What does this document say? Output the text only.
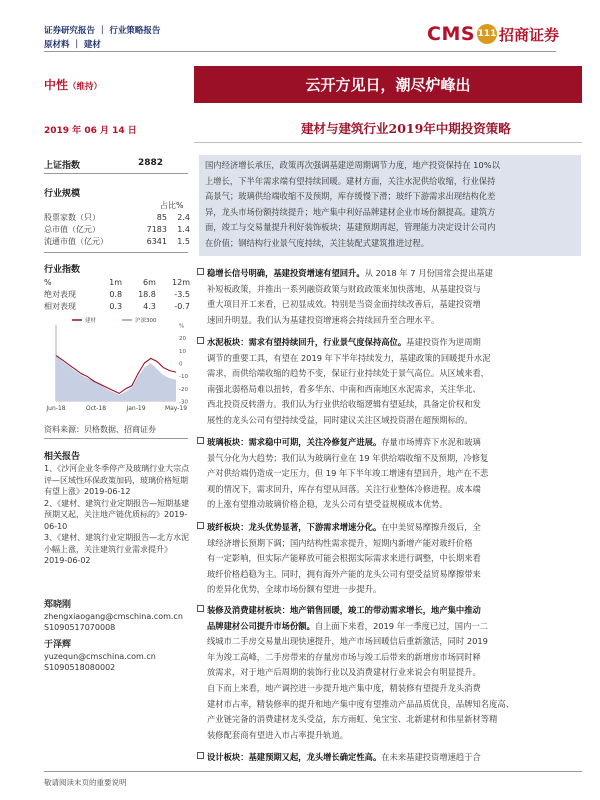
证券研究报告 ｜ 行业策略报告
原材料 ｜ 建材	CMS 111 招商证券
中性（维持）	云开方见日，潮尽炉峰出
2019 年 06 月 14 日	建材与建筑行业2019年中期投资策略
上证指数	2882
行业规模
占比%
股票家数（只）	85	2.4
总市值（亿元）	7183	1.4
流通市值（亿元）	6341	1.5
行业指数
%	1m	6m	12m
绝对表现	0.8	18.8	-3.5
相对表现	0.3	4.3	-0.7
%
20
10
0
-10
-20
-30
Jun-18	Oct-18	Jan-19	May-19
建材	沪深300
资料来源：贝格数据、招商证券
相关报告
1、《沙河企业冬季停产及玻璃行业大宗点评—区域性环保政策加码，玻璃价格短期有望上涨》2019-06-12
2、《建材、建筑行业定期报告—短期基建预期又起，关注地产链优质标的》2019-06-10
3、《建材、建筑行业定期报告—北方水泥小幅上涨，关注建筑行业需求提升》2019-06-02
郑晓刚
zhengxiaogang@cmschina.com.cn
S1090517070008
于泽辉
yuzequn@cmschina.com.cn
S1090518080002
国内经济增长承压，政策再次强调基建逆周期调节力度，地产投资保持在 10%以
上增长，下半年需求端有望持续回暖。建材方面，关注水泥供给收缩，行业保持
高景气；玻璃供给端收缩不及预期，库存缓慢下滑；玻纤下游需求出现结构化差
异，龙头市场份额持续提升；地产集中利好品牌建材企业市场份额提高。建筑方
面，竣工与交易量提升利好装饰板块；基建预期再起，管理能力决定设计公司内
在价值；钢结构行业景气度持续，关注装配式建筑推进过程。
稳增长信号明确，基建投资增速有望回升。从 2018 年 7 月份国常会提出基建
补短板政策，并推出一系列融资政策与财政政策来加快落地，从基建投资与
重大项目开工来看，已初显成效。特别是当资金面持续改善后，基建投资增
速回升明显。我们认为基建投资增速将会持续回升至合理水平。
水泥板块：需求有望持续回升，行业景气度保持高位。基建投资作为逆周期
调节的重要工具，有望在 2019 年下半年持续发力，基建政策的回暖提升水泥
需求，而供给端收缩的趋势不变，保证行业持续处于景气高位。从区域来看，
南强北弱格局难以扭转，看多华东、中南和西南地区水泥需求，关注华北、
西北投资反转潜力。我们认为行业供给收缩逻辑有望延续，具备定价权和发
展性的龙头公司有望持续受益，同时建议关注区域投资潜在超预期标的。
玻璃板块：需求稳中可期，关注冷修复产进展。存量市场博弈下水泥和玻璃
景气分化为大趋势；我们认为玻璃行业在 19 年供给端收缩不及预期，冷修复
产对供给端仍造成一定压力，但 19 年下半年竣工增速有望回升，地产在不悲
观的情况下，需求回升，库存有望从回落。关注行业整体冷修进程。成本端
的上涨有望推动玻璃价格企稳，龙头公司有望受益规模成本优势。
玻纤板块：龙头优势显著，下游需求增速分化。在中美贸易摩擦升级后，全
球经济增长预期下调；国内结构性需求提升，短期内新增产能对玻纤价格
有一定影响，但实际产能释放可能会根据实际需求来进行调整，中长期来看
玻纤价格趋稳为主。同时，拥有海外产能的龙头公司有望受益贸易摩擦带来
的差异化优势，全球市场份额有望进一步提升。
装修及消费建材板块：地产销售回暖，竣工的带动需求增长，地产集中推动
品牌建材公司提升市场份额。自上面下来看，2019 年一季度已过，国内一二
线城市二手房交易量出现快速提升，地产市场回暖信后重新激活，同时 2019
年为竣工高峰，二手房带来的存量房市场与竣工后带来的新增房市场同时释
放需求，对于地产后周期的装饰行业以及消费建材行业来说会有明显提升。
自下而上来看，地产调控进一步提升地产集中度，精装修有望提升龙头消费
建材市占率，精装修率的提升和地产集中度有望推动产品品质优良，品牌知名度高、
产业链完备的消费建材龙头受益，东方雨虹、兔宝宝、北新建材和伟星新材等精
装修配套商有望进入市占率提升轨道。
设计板块：基建预期又起，龙头增长确定性高。在未来基建投资增速趋于合
敬请阅读末页的重要说明
